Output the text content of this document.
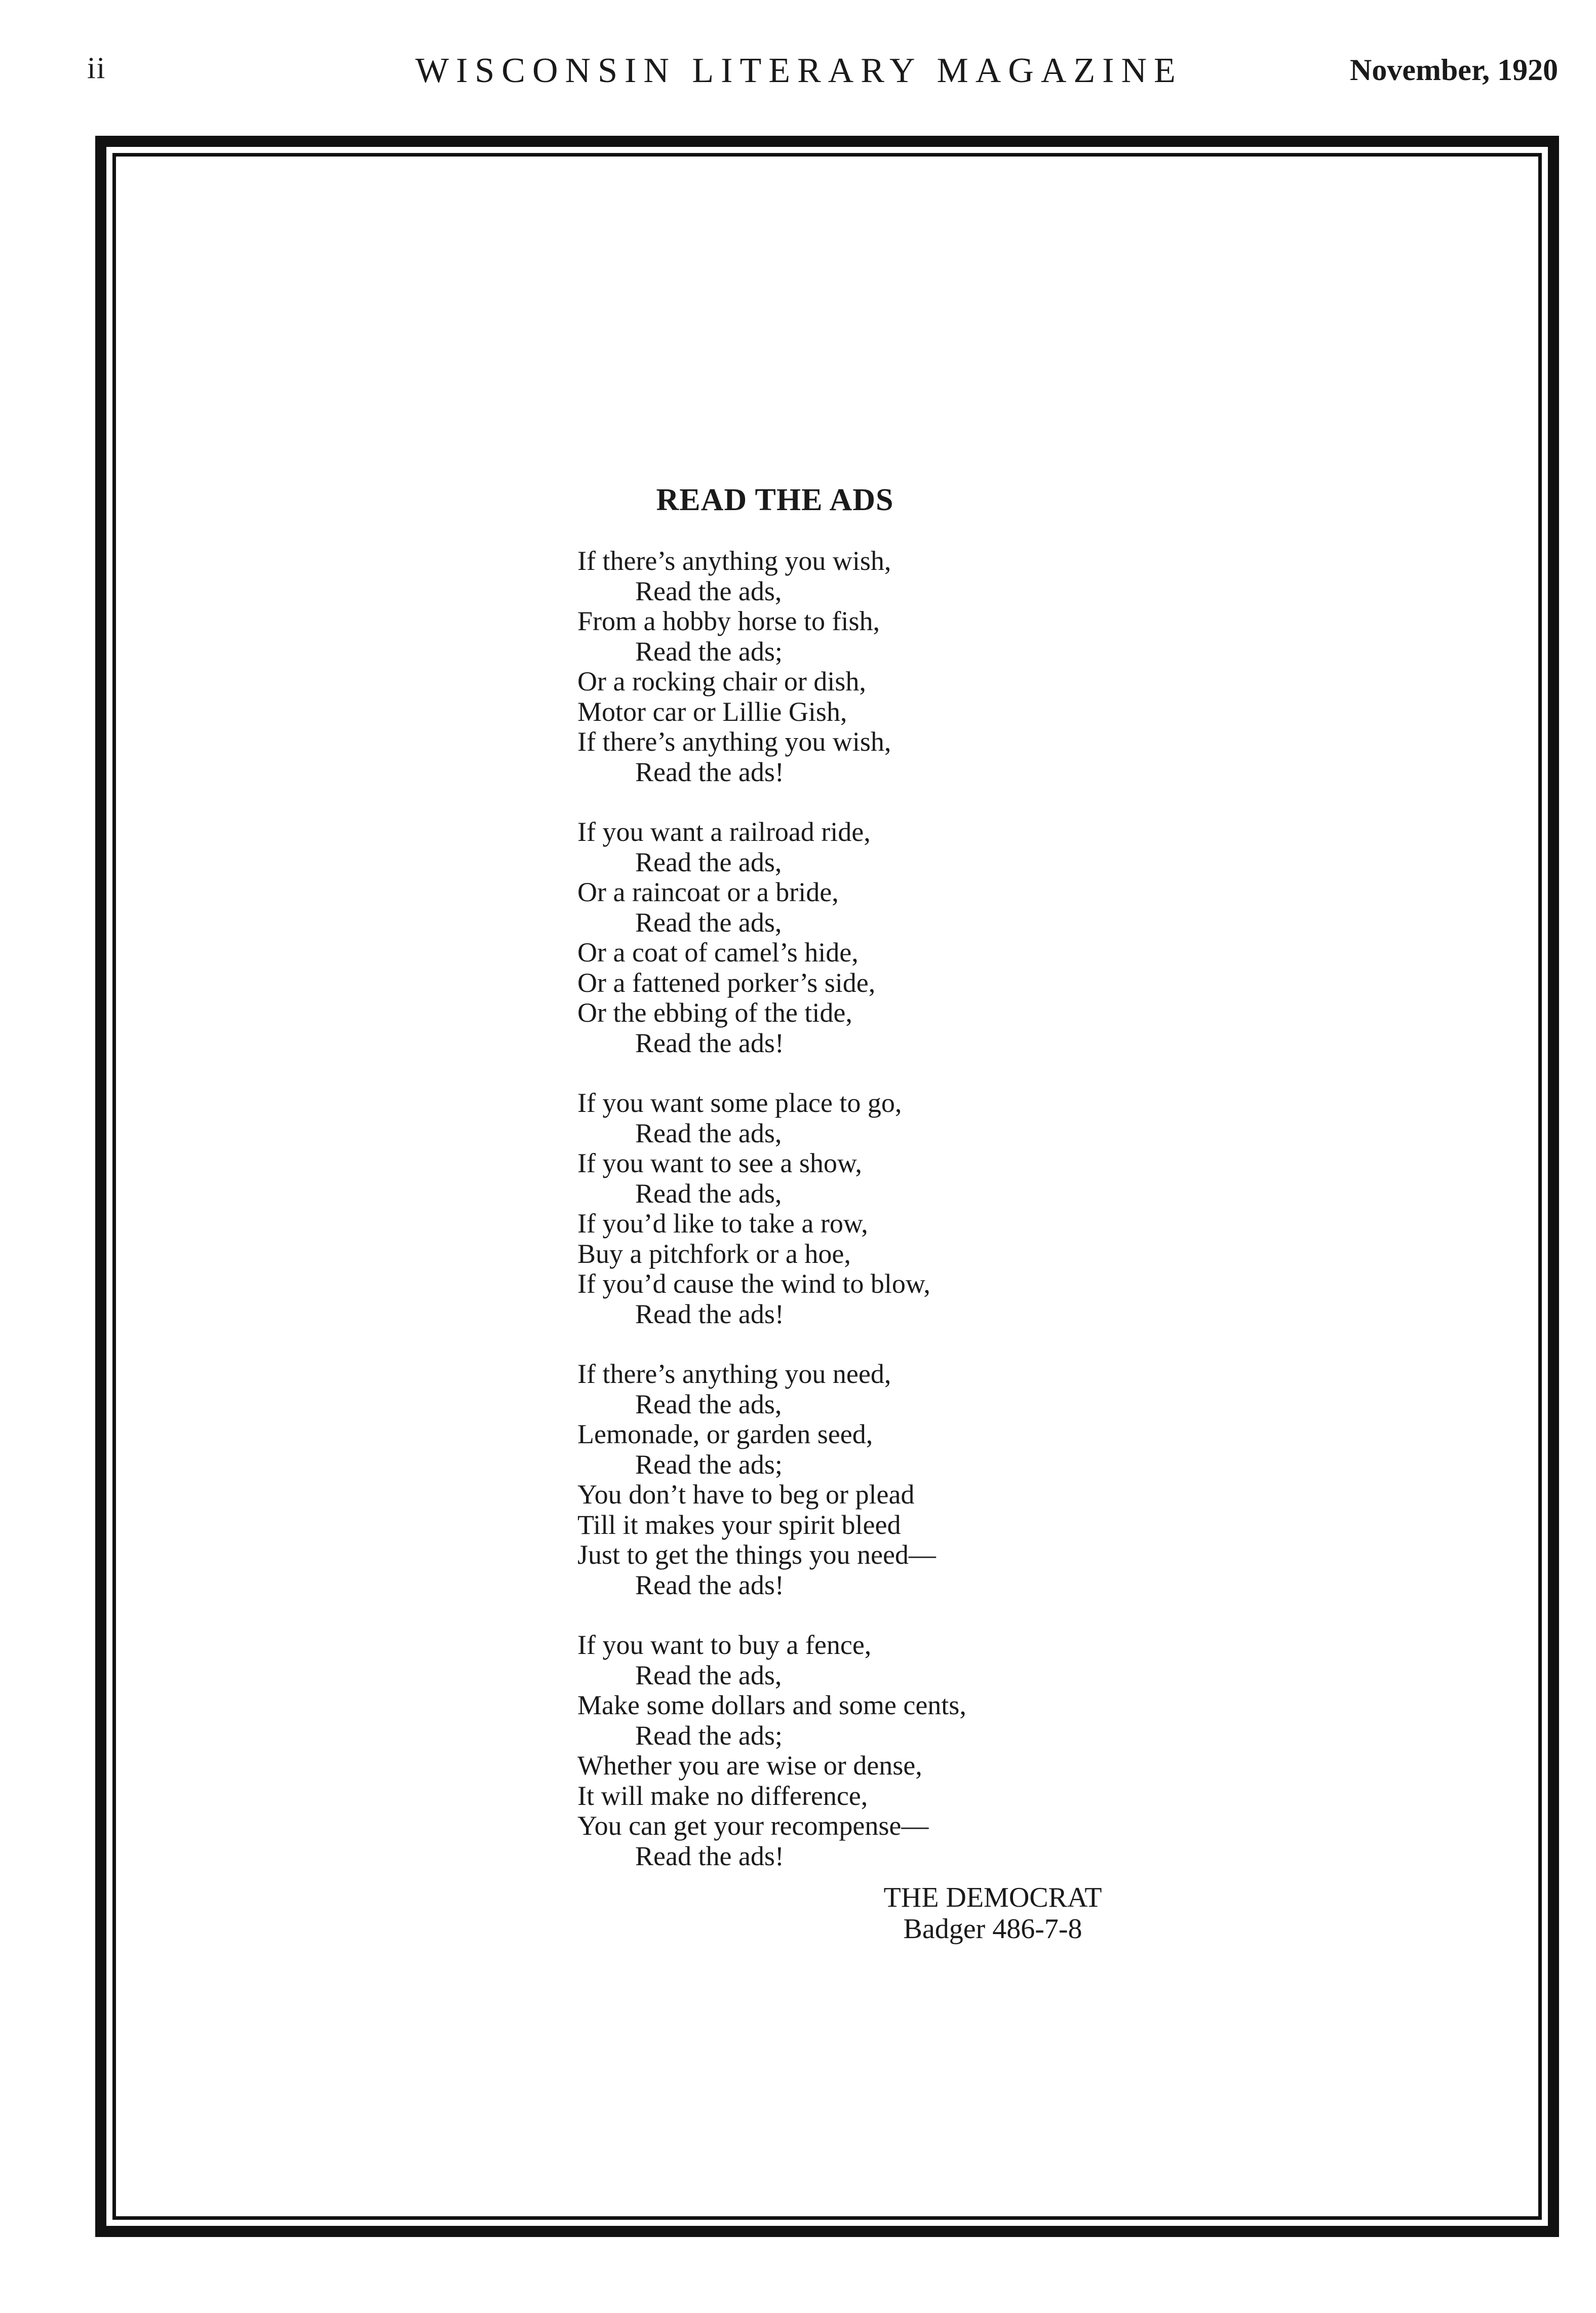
ii	WISCONSIN LITERARY MAGAZINE	November, 1920
READ THE ADS
If there’s anything you wish,
Read the ads,
From a hobby horse to fish,
Read the ads;
Or a rocking chair or dish,
Motor car or Lillie Gish,
If there’s anything you wish,
Read the ads!
If you want a railroad ride,
Read the ads,
Or a raincoat or a bride,
Read the ads,
Or a coat of camel’s hide,
Or a fattened porker’s side,
Or the ebbing of the tide,
Read the ads!
If you want some place to go,
Read the ads,
If you want to see a show,
Read the ads,
If you’d like to take a row,
Buy a pitchfork or a hoe,
If you’d cause the wind to blow,
Read the ads!
If there’s anything you need,
Read the ads,
Lemonade, or garden seed,
Read the ads;
You don’t have to beg or plead
Till it makes your spirit bleed
Just to get the things you need—
Read the ads!
If you want to buy a fence,
Read the ads,
Make some dollars and some cents,
Read the ads;
Whether you are wise or dense,
It will make no difference,
You can get your recompense—
Read the ads!
THE DEMOCRAT
Badger 486-7-8
